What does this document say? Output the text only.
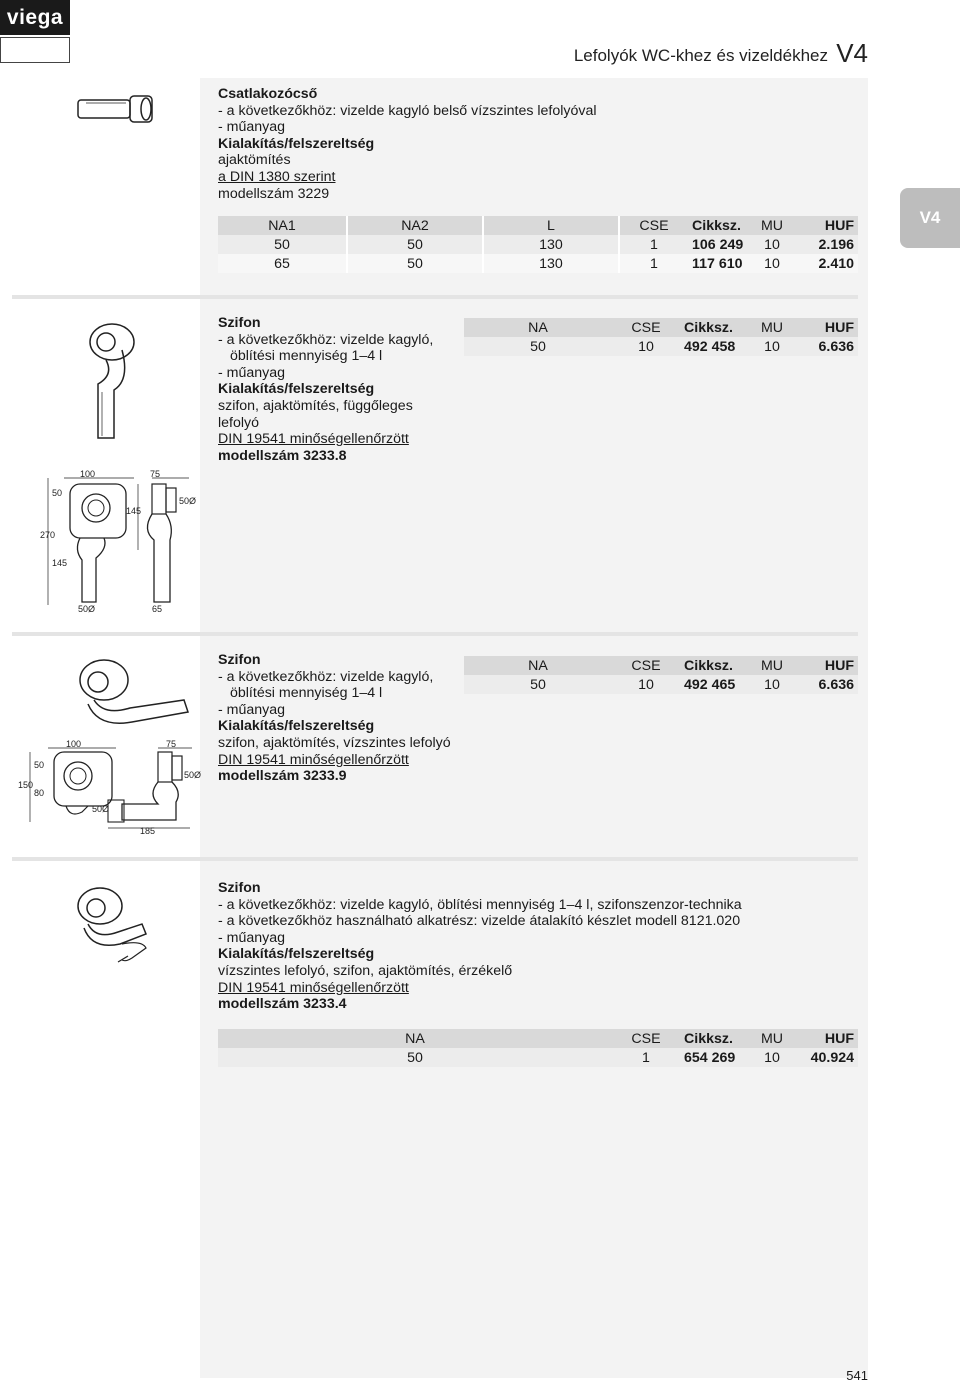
viega
Lefolyók WC-khez és vizeldékhez V4
V4
Csatlakozócső
- a következőkhöz: vizelde kagyló belső vízszintes lefolyóval
- műanyag
Kialakítás/felszereltség
ajaktömítés
a DIN 1380 szerint
modellszám 3229
NA1	NA2	L	CSE	Cikksz.	MU	HUF
50	50	130	1	106 249	10	2.196
65	50	130	1	117 610	10	2.410
Szifon
- a következőkhöz: vizelde kagyló,
öblítési mennyiség 1–4 l
- műanyag
Kialakítás/felszereltség
szifon, ajaktömítés, függőleges
lefolyó
DIN 19541 minőségellenőrzött
modellszám 3233.8
NA	CSE	Cikksz.	MU	HUF
50	10	492 458	10	6.636
100	75
50
270
145
50Ø
50Ø
145
65
Szifon
- a következőkhöz: vizelde kagyló,
öblítési mennyiség 1–4 l
- műanyag
Kialakítás/felszereltség
szifon, ajaktömítés, vízszintes lefolyó
DIN 19541 minőségellenőrzött
modellszám 3233.9
NA	CSE	Cikksz.	MU	HUF
50	10	492 465	10	6.636
100	75
50
150
80
50Ø
50Ø
185
Szifon
- a következőkhöz: vizelde kagyló, öblítési mennyiség 1–4 l, szifonszenzor-technika
- a következőkhöz használható alkatrész: vizelde átalakító készlet modell 8121.020
- műanyag
Kialakítás/felszereltség
vízszintes lefolyó, szifon, ajaktömítés, érzékelő
DIN 19541 minőségellenőrzött
modellszám 3233.4
NA	CSE	Cikksz.	MU	HUF
50	1	654 269	10	40.924
541
